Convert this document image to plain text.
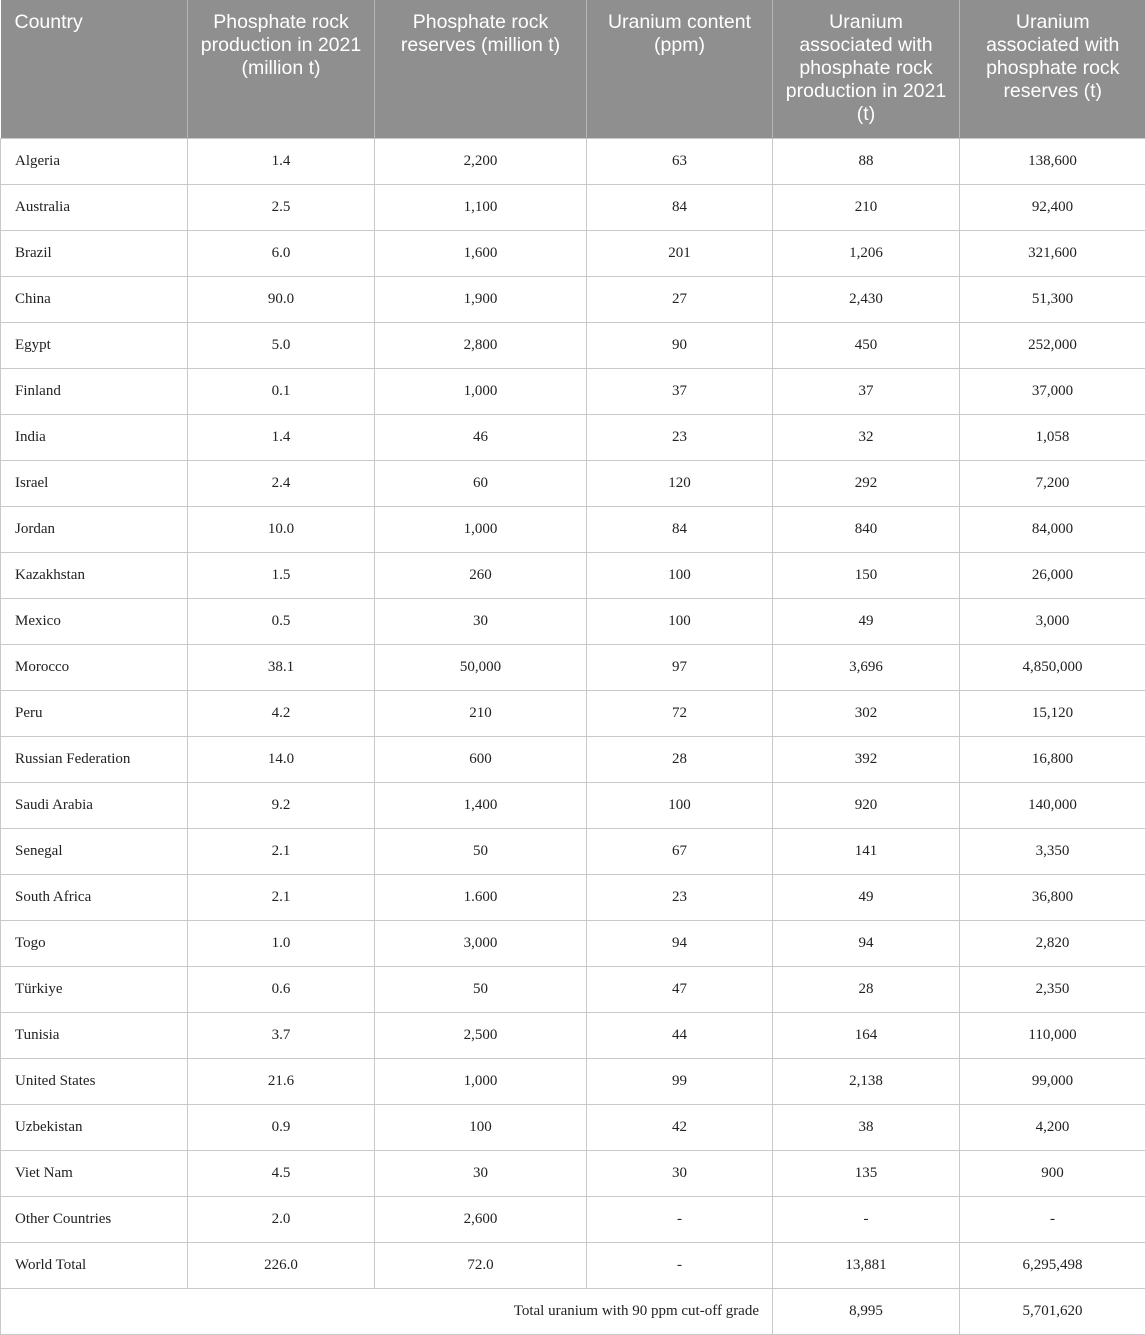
Country	Phosphate rock production in 2021 (million t)	Phosphate rock reserves (million t)	Uranium content (ppm)	Uranium associated with phosphate rock production in 2021 (t)	Uranium associated with phosphate rock reserves (t)
Algeria	1.4	2,200	63	88	138,600
Australia	2.5	1,100	84	210	92,400
Brazil	6.0	1,600	201	1,206	321,600
China	90.0	1,900	27	2,430	51,300
Egypt	5.0	2,800	90	450	252,000
Finland	0.1	1,000	37	37	37,000
India	1.4	46	23	32	1,058
Israel	2.4	60	120	292	7,200
Jordan	10.0	1,000	84	840	84,000
Kazakhstan	1.5	260	100	150	26,000
Mexico	0.5	30	100	49	3,000
Morocco	38.1	50,000	97	3,696	4,850,000
Peru	4.2	210	72	302	15,120
Russian Federation	14.0	600	28	392	16,800
Saudi Arabia	9.2	1,400	100	920	140,000
Senegal	2.1	50	67	141	3,350
South Africa	2.1	1.600	23	49	36,800
Togo	1.0	3,000	94	94	2,820
Türkiye	0.6	50	47	28	2,350
Tunisia	3.7	2,500	44	164	110,000
United States	21.6	1,000	99	2,138	99,000
Uzbekistan	0.9	100	42	38	4,200
Viet Nam	4.5	30	30	135	900
Other Countries	2.0	2,600	-	-	-
World Total	226.0	72.0	-	13,881	6,295,498
Total uranium with 90 ppm cut-off grade				8,995	5,701,620
